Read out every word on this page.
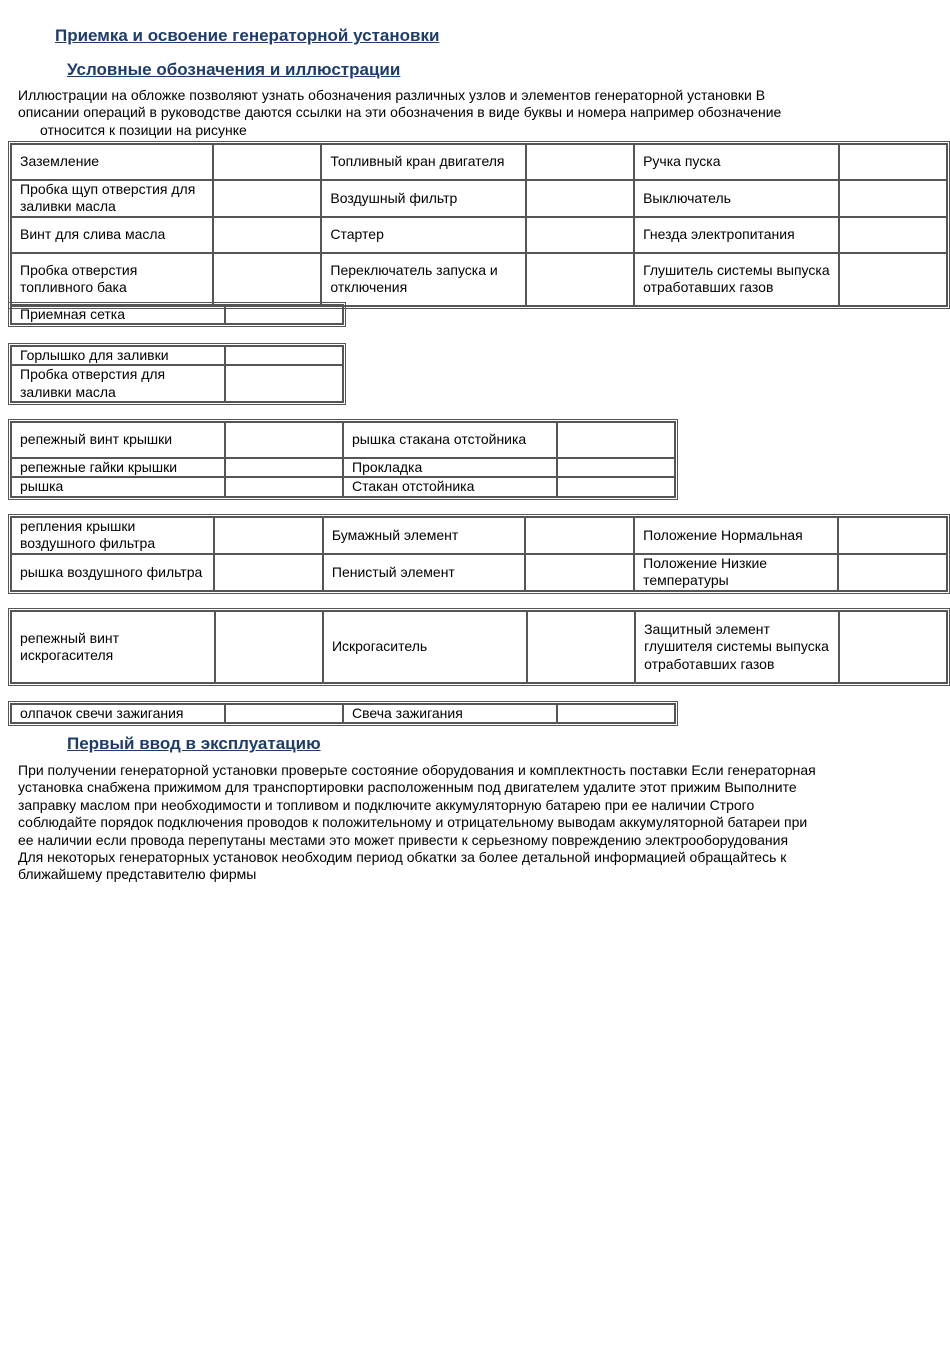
Приемка и освоение генераторной установки
Условные обозначения и иллюстрации
Иллюстрации на обложке позволяют узнать обозначения различных узлов и элементов генераторной установки В
описании операций в руководстве даются ссылки на эти обозначения в виде буквы и номера например обозначение
относится к позиции на рисунке
Заземление		Топливный кран двигателя		Ручка пуска	
Пробка щуп отверстия для заливки масла		Воздушный фильтр		Выключатель	
Винт для слива масла		Стартер		Гнезда электропитания	
Пробка отверстия топливного бака		Переключатель запуска и отключения		Глушитель системы выпуска отработавших газов	
Приемная сетка	
Горлышко для заливки	
Пробка отверстия для заливки масла	
репежный винт крышки		рышка стакана отстойника	
репежные гайки крышки		Прокладка	
рышка		Стакан отстойника	
репления крышки воздушного фильтра		Бумажный элемент		Положение Нормальная	
рышка воздушного фильтра		Пенистый элемент		Положение Низкие температуры	
репежный винт искрогасителя		Искрогаситель		Защитный элемент глушителя системы выпуска отработавших газов	
олпачок свечи зажигания		Свеча зажигания	
Первый ввод в эксплуатацию
При получении генераторной установки проверьте состояние оборудования и комплектность поставки Если генераторная
установка снабжена прижимом для транспортировки расположенным под двигателем удалите этот прижим Выполните
заправку маслом при необходимости и топливом и подключите аккумуляторную батарею при ее наличии Строго
соблюдайте порядок подключения проводов к положительному и отрицательному выводам аккумуляторной батареи при
ее наличии если провода перепутаны местами это может привести к серьезному повреждению электрооборудования
Для некоторых генераторных установок необходим период обкатки за более детальной информацией обращайтесь к
ближайшему представителю фирмы
